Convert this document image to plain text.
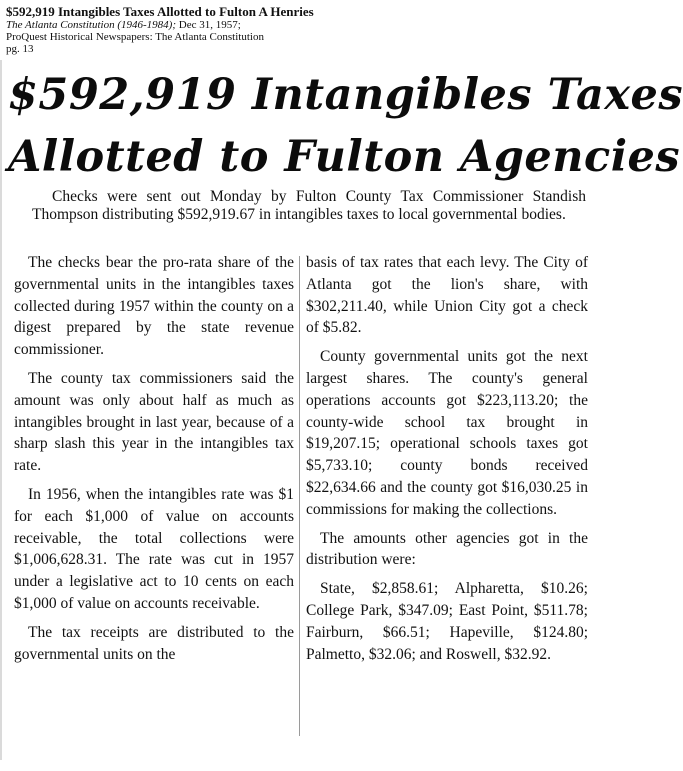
$592,919 Intangibles Taxes Allotted to Fulton A Henries
The Atlanta Constitution (1946-1984); Dec 31, 1957;
ProQuest Historical Newspapers: The Atlanta Constitution
pg. 13
$592,919 Intangibles Taxes
Allotted to Fulton Agencies
Checks were sent out Monday by Fulton County Tax Commissioner Standish Thompson distributing $592,919.67 in intangibles taxes to local governmental bodies.

The checks bear the pro-rata share of the governmental units in the intangibles taxes collected during 1957 within the county on a digest prepared by the state revenue commissioner.

The county tax commissioners said the amount was only about half as much as intangibles brought in last year, because of a sharp slash this year in the intangibles tax rate.

In 1956, when the intangibles rate was $1 for each $1,000 of value on accounts receivable, the total collections were $1,006,628.31. The rate was cut in 1957 under a legislative act to 10 cents on each $1,000 of value on accounts receivable.

The tax receipts are distributed to the governmental units on the

basis of tax rates that each levy. The City of Atlanta got the lion's share, with $302,211.40, while Union City got a check of $5.82.

County governmental units got the next largest shares. The county's general operations accounts got $223,113.20; the county-wide school tax brought in $19,207.15; operational schools taxes got $5,733.10; county bonds received $22,634.66 and the county got $16,030.25 in commissions for making the collections.

The amounts other agencies got in the distribution were:

State, $2,858.61; Alpharetta, $10.26; College Park, $347.09; East Point, $511.78; Fairburn, $66.51; Hapeville, $124.80; Palmetto, $32.06; and Roswell, $32.92.
